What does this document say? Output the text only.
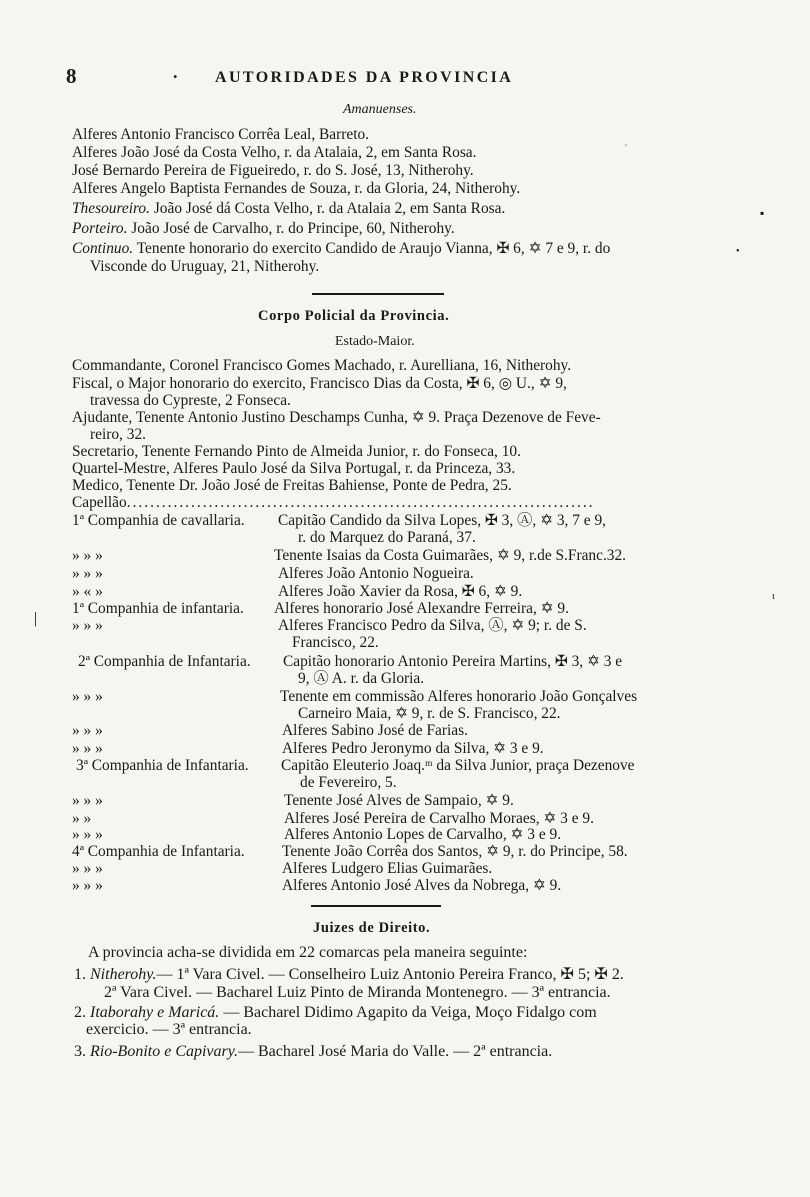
8	. AUTORIDADES DA PROVINCIA
Amanuenses.
Alferes Antonio Francisco Corrêa Leal, Barreto.
Alferes João José da Costa Velho, r. da Atalaia, 2, em Santa Rosa.
José Bernardo Pereira de Figueiredo, r. do S. José, 13, Nitherohy.
Alferes Angelo Baptista Fernandes de Souza, r. da Gloria, 24, Nitherohy.
Thesoureiro. João José dá Costa Velho, r. da Atalaia 2, em Santa Rosa.
Porteiro. João José de Carvalho, r. do Principe, 60, Nitherohy.
Continuo. Tenente honorario do exercito Candido de Araujo Vianna, ✠ 6, ✡ 7 e 9, r. do
Visconde do Uruguay, 21, Nitherohy.
Corpo Policial da Provincia.
Estado-Maior.
Commandante, Coronel Francisco Gomes Machado, r. Aurelliana, 16, Nitherohy.
Fiscal, o Major honorario do exercito, Francisco Dias da Costa, ✠ 6, ◎ U., ✡ 9,
travessa do Cypreste, 2 Fonseca.
Ajudante, Tenente Antonio Justino Deschamps Cunha, ✡ 9. Praça Dezenove de Feve-
reiro, 32.
Secretario, Tenente Fernando Pinto de Almeida Junior, r. do Fonseca, 10.
Quartel-Mestre, Alferes Paulo José da Silva Portugal, r. da Princeza, 33.
Medico, Tenente Dr. João José de Freitas Bahiense, Ponte de Pedra, 25.
Capellão................................................................................
1ª Companhia de cavallaria. Capitão Candido da Silva Lopes, ✠ 3, Ⓐ, ✡ 3, 7 e 9,
r. do Marquez do Paraná, 37.
» » »	Tenente Isaias da Costa Guimarães, ✡ 9, r.de S.Franc.32.
» » »	Alferes João Antonio Nogueira.
» « »	Alferes João Xavier da Rosa, ✠ 6, ✡ 9.
1ª Companhia de infantaria. Alferes honorario José Alexandre Ferreira, ✡ 9.
» » »	Alferes Francisco Pedro da Silva, Ⓐ, ✡ 9; r. de S.
Francisco, 22.
2ª Companhia de Infantaria. Capitão honorario Antonio Pereira Martins, ✠ 3, ✡ 3 e
9, Ⓐ A. r. da Gloria.
» » »	Tenente em commissão Alferes honorario João Gonçalves
Carneiro Maia, ✡ 9, r. de S. Francisco, 22.
» » »	Alferes Sabino José de Farias.
» » »	Alferes Pedro Jeronymo da Silva, ✡ 3 e 9.
3ª Companhia de Infantaria. Capitão Eleuterio Joaq.ᵐ da Silva Junior, praça Dezenove
de Fevereiro, 5.
» » »	Tenente José Alves de Sampaio, ✡ 9.
» »	Alferes José Pereira de Carvalho Moraes, ✡ 3 e 9.
» » »	Alferes Antonio Lopes de Carvalho, ✡ 3 e 9.
4ª Companhia de Infantaria. Tenente João Corrêa dos Santos, ✡ 9, r. do Principe, 58.
» » »	Alferes Ludgero Elias Guimarães.
» » »	Alferes Antonio José Alves da Nobrega, ✡ 9.
Juizes de Direito.
A provincia acha-se dividida em 22 comarcas pela maneira seguinte:
1. Nitherohy.— 1ª Vara Civel. — Conselheiro Luiz Antonio Pereira Franco, ✠ 5; ✠ 2.
2ª Vara Civel. — Bacharel Luiz Pinto de Miranda Montenegro. — 3ª entrancia.
2. Itaborahy e Maricá. — Bacharel Didimo Agapito da Veiga, Moço Fidalgo com
exercicio. — 3ª entrancia.
3. Rio-Bonito e Capivary.— Bacharel José Maria do Valle. — 2ª entrancia.
ʹ
▪
•
|
ɩ
